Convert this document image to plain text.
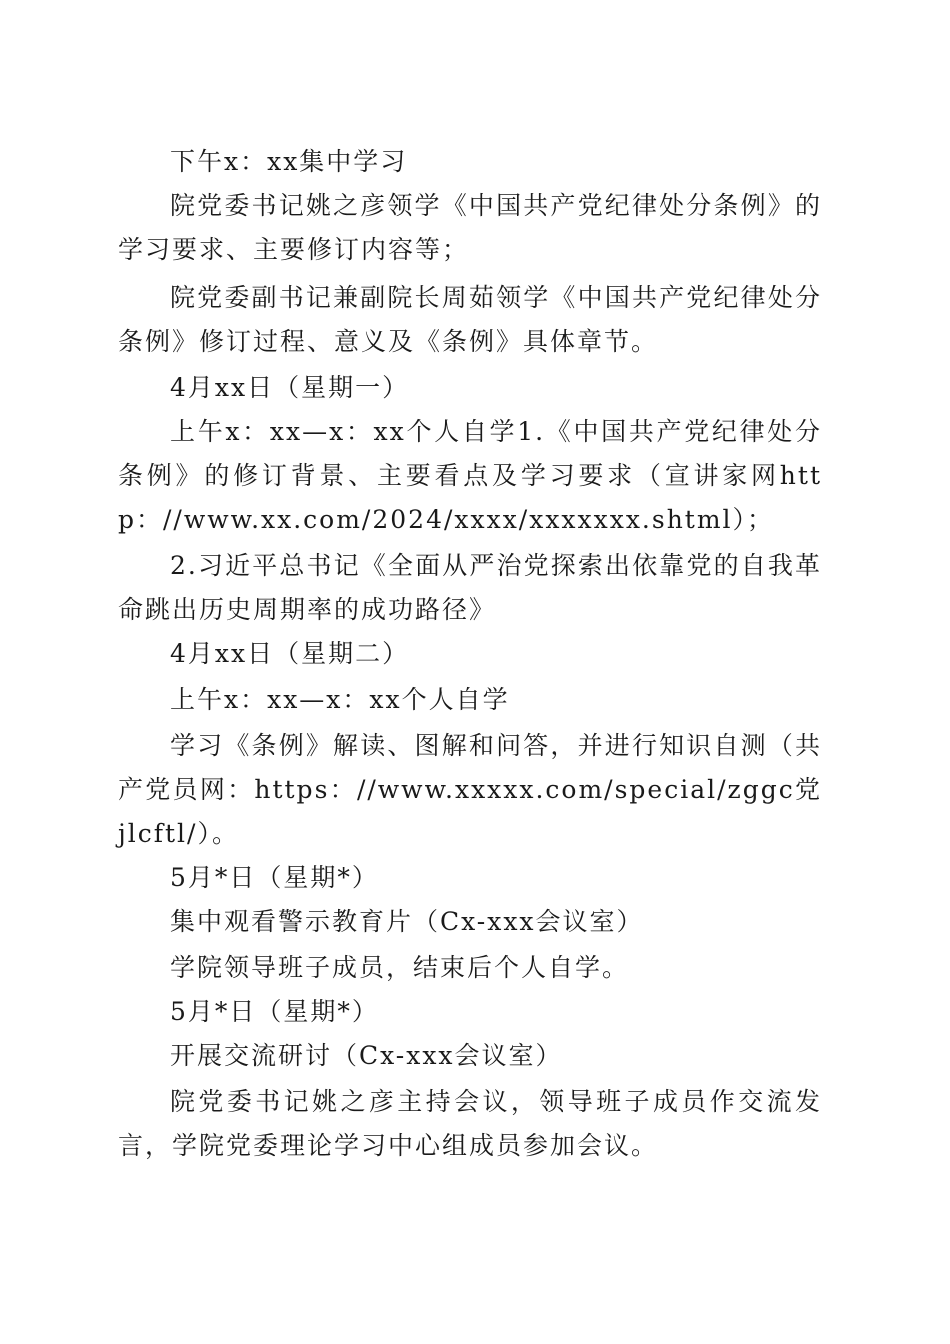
下午x：xx集中学习

院党委书记姚之彦领学《中国共产党纪律处分条例》的学习要求、主要修订内容等；

院党委副书记兼副院长周茹领学《中国共产党纪律处分条例》修订过程、意义及《条例》具体章节。

4月xx日（星期一）

上午x：xx—x：xx个人自学1.《中国共产党纪律处分条例》的修订背景、主要看点及学习要求（宣讲家网http：//www.xx.com/2024/xxxx/xxxxxxx.shtml）；

2.习近平总书记《全面从严治党探索出依靠党的自我革命跳出历史周期率的成功路径》

4月xx日（星期二）

上午x：xx—x：xx个人自学

学习《条例》解读、图解和问答，并进行知识自测（共产党员网：https：//www.xxxxx.com/special/zggc党jlcftl/）。

5月*日（星期*）

集中观看警示教育片（Cx-xxx会议室）

学院领导班子成员，结束后个人自学。

5月*日（星期*）

开展交流研讨（Cx-xxx会议室）

院党委书记姚之彦主持会议，领导班子成员作交流发言，学院党委理论学习中心组成员参加会议。
